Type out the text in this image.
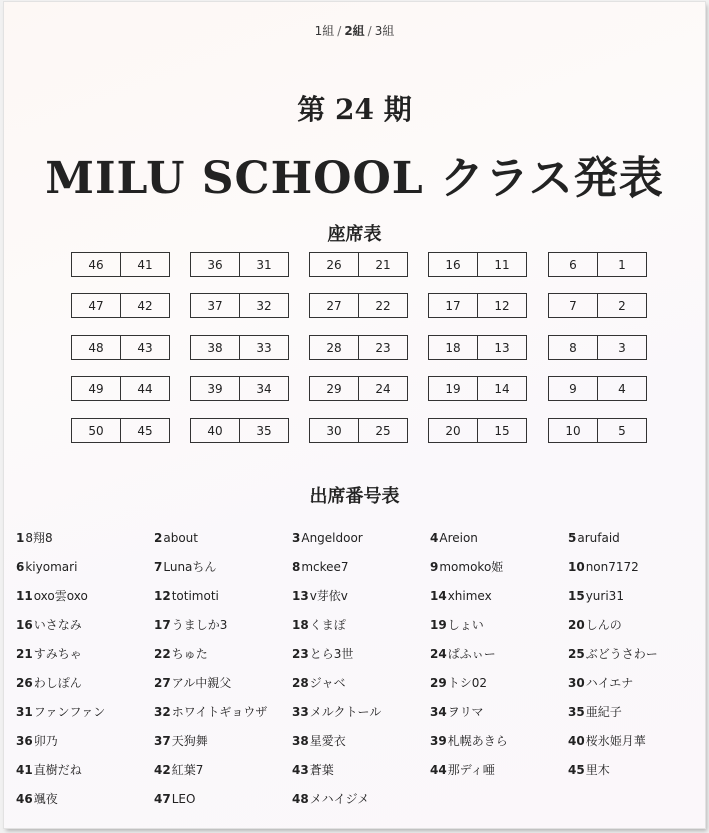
1組 / 2組 / 3組
第 24 期
MILU SCHOOL クラス発表
座席表
46	41	36	31	26	21	16	11	6	1
47	42	37	32	27	22	17	12	7	2
48	43	38	33	28	23	18	13	8	3
49	44	39	34	29	24	19	14	9	4
50	45	40	35	30	25	20	15	10	5
出席番号表
18翔8	2about	3Angeldoor	4Areion	5arufaid
6kiyomari	7Lunaちん	8mckee7	9momoko姫	10non7172
11oxo雲oxo	12totimoti	13v芽依v	14xhimex	15yuri31
16いさなみ	17うましか3	18くまぽ	19しょい	20しんの
21すみちゃ	22ちゅた	23とら3世	24ぱふぃー	25ぶどうさわー
26わしぽん	27アル中親父	28ジャベ	29トシ02	30ハイエナ
31ファンファン	32ホワイトギョウザ	33メルクトール	34ヲリマ	35亜紀子
36卯乃	37天狗舞	38星愛衣	39札幌あきら	40桜氷姫月華
41直樹だね	42紅葉7	43蒼葉	44那ディ唖	45里木
46颯夜	47LEO	48メハイジメ
